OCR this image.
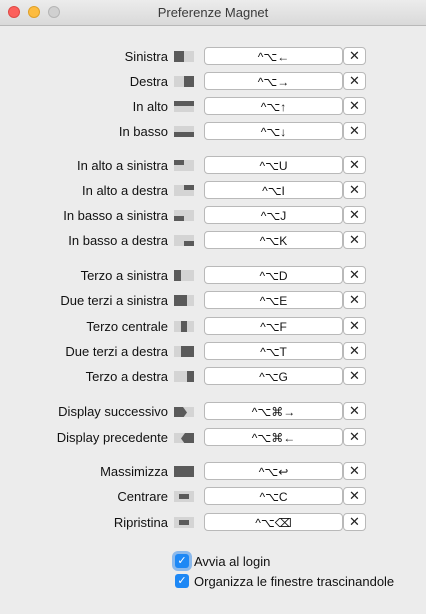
Preferenze Magnet
Sinistra	^⌥←	✕
Destra	^⌥→	✕
In alto	^⌥↑	✕
In basso	^⌥↓	✕
In alto a sinistra	^⌥U	✕
In alto a destra	^⌥I	✕
In basso a sinistra	^⌥J	✕
In basso a destra	^⌥K	✕
Terzo a sinistra	^⌥D	✕
Due terzi a sinistra	^⌥E	✕
Terzo centrale	^⌥F	✕
Due terzi a destra	^⌥T	✕
Terzo a destra	^⌥G	✕
Display successivo	^⌥⌘→	✕
Display precedente	^⌥⌘←	✕
Massimizza	^⌥↩	✕
Centrare	^⌥C	✕
Ripristina	^⌥⌫	✕
✓ Avvia al login
✓ Organizza le finestre trascinandole
